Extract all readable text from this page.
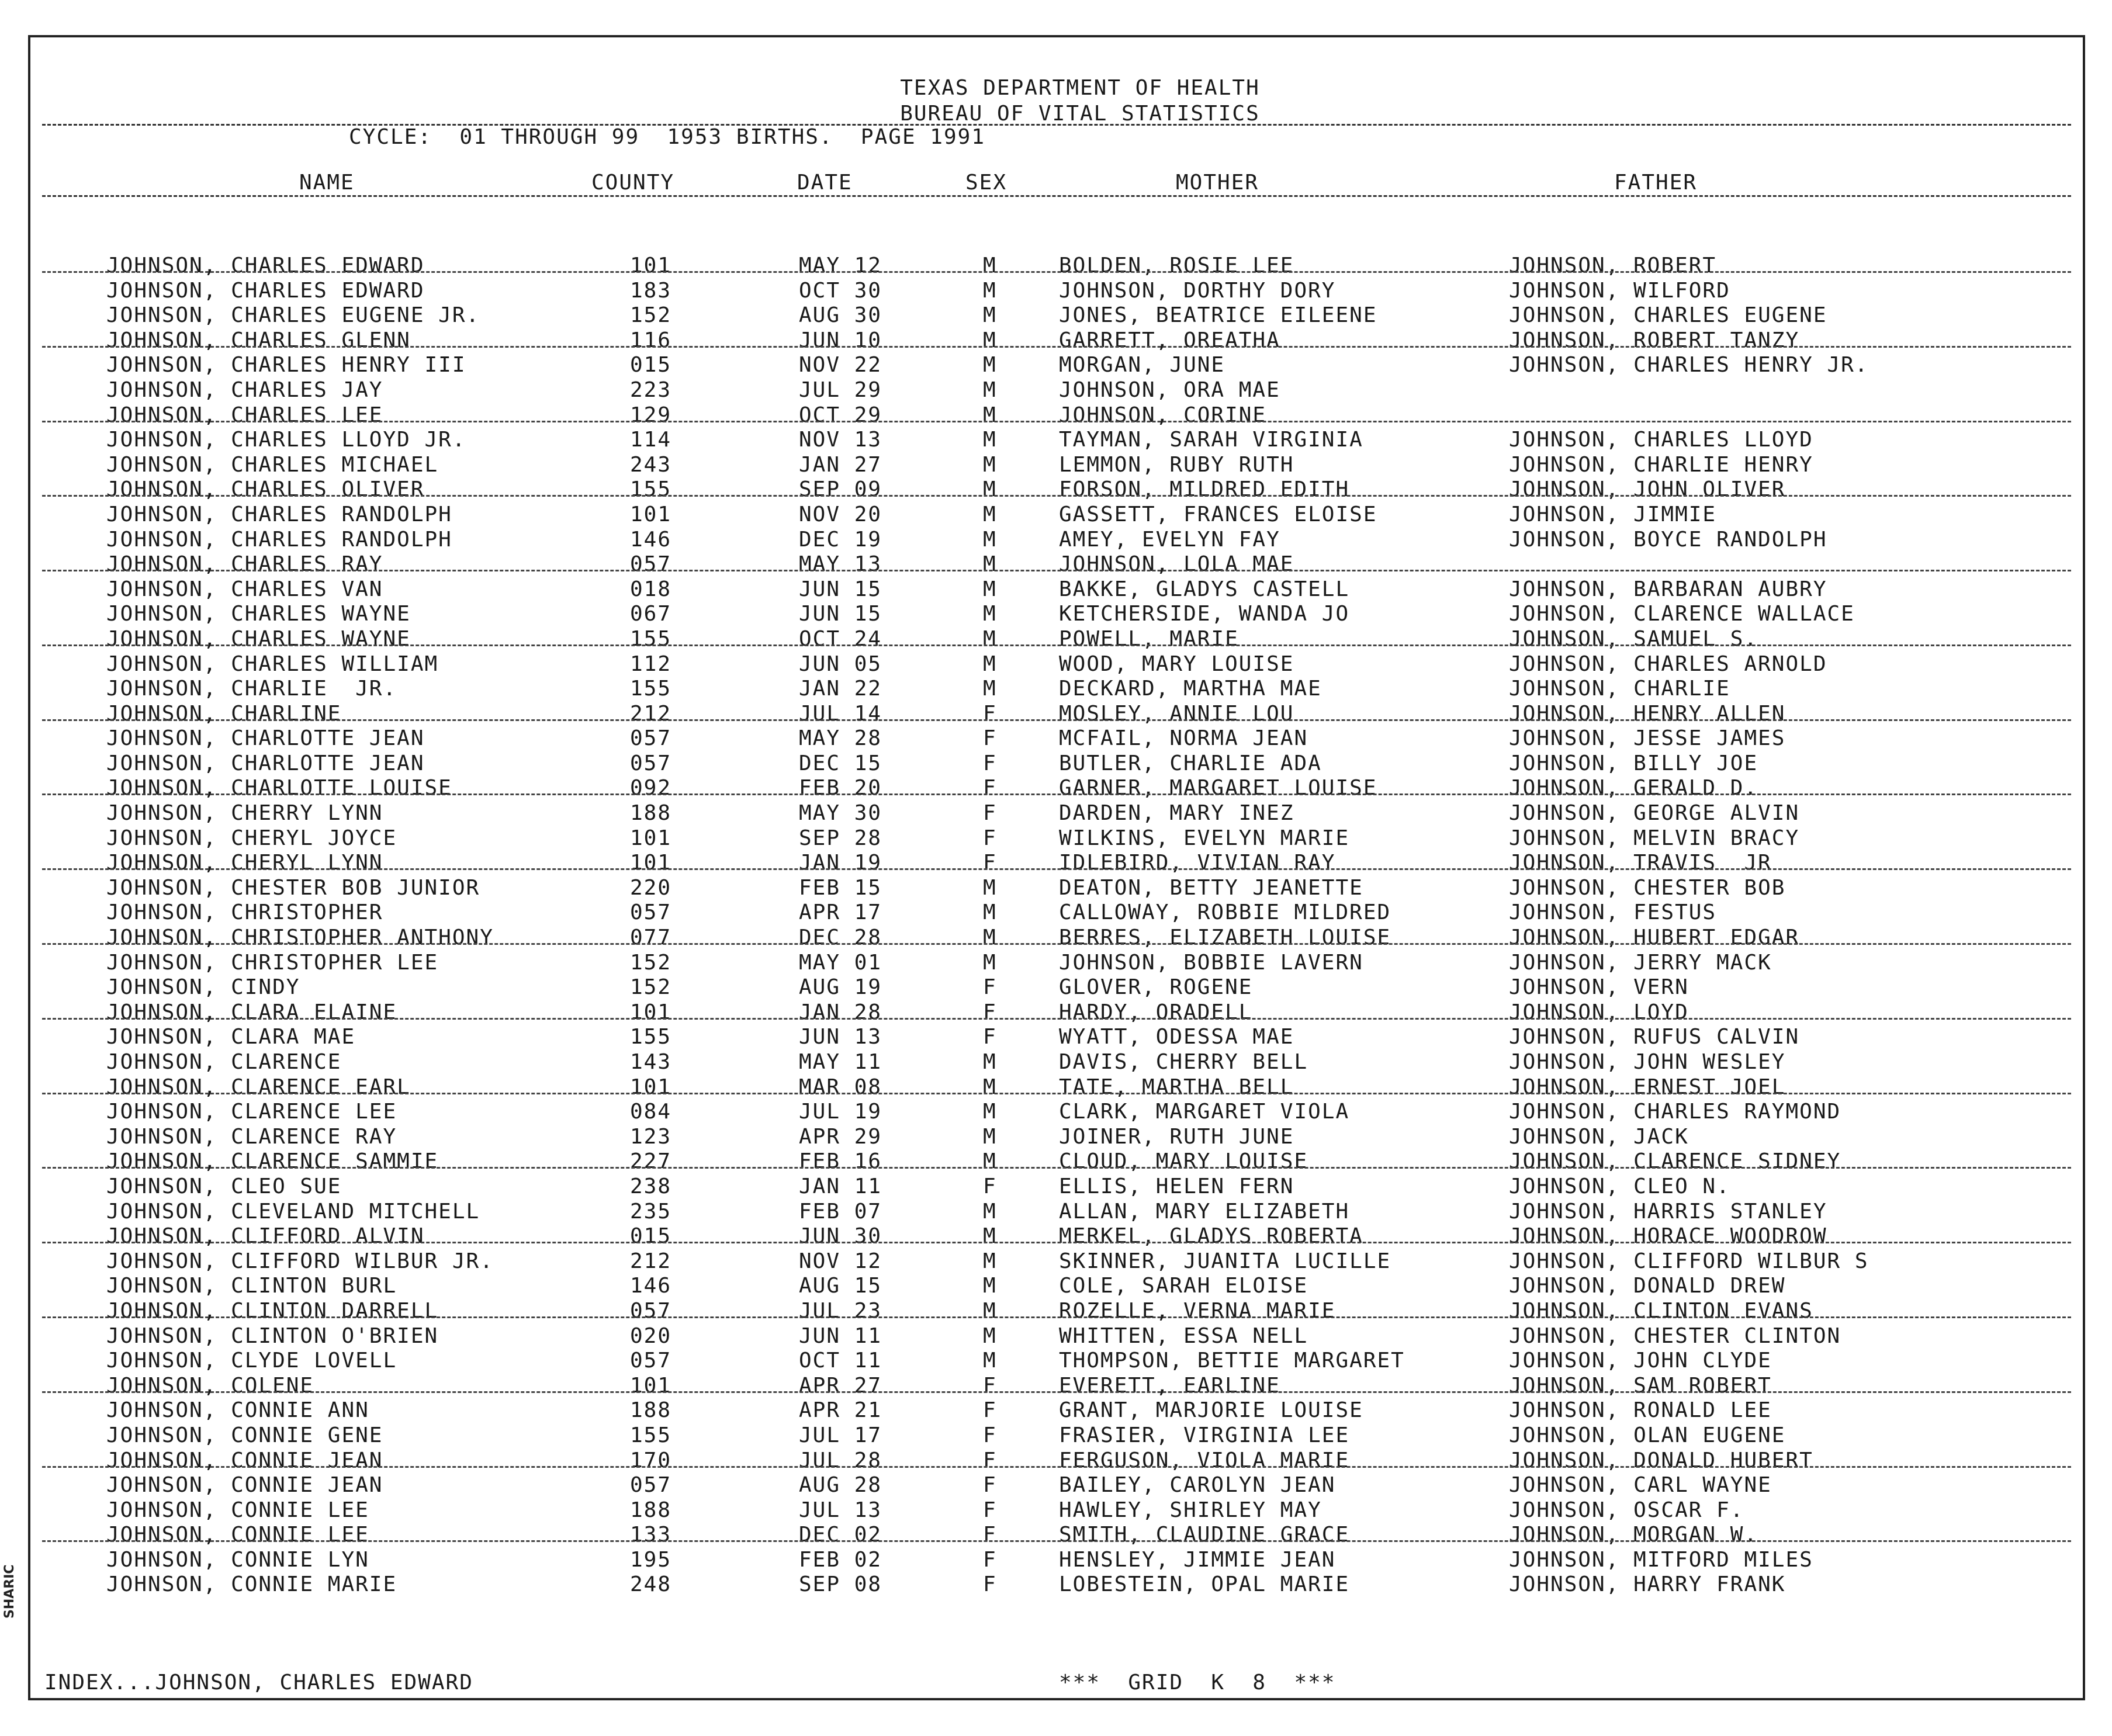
TEXAS DEPARTMENT OF HEALTH
BUREAU OF VITAL STATISTICS
CYCLE:  01 THROUGH 99  1953 BIRTHS.  PAGE 1991
NAME	COUNTY	DATE	SEX	MOTHER	FATHER
JOHNSON, CHARLES EDWARD	101	MAY 12	M	BOLDEN, ROSIE LEE	JOHNSON, ROBERT
JOHNSON, CHARLES EDWARD	183	OCT 30	M	JOHNSON, DORTHY DORY	JOHNSON, WILFORD
JOHNSON, CHARLES EUGENE JR.	152	AUG 30	M	JONES, BEATRICE EILEENE	JOHNSON, CHARLES EUGENE
JOHNSON, CHARLES GLENN	116	JUN 10	M	GARRETT, OREATHA	JOHNSON, ROBERT TANZY
JOHNSON, CHARLES HENRY III	015	NOV 22	M	MORGAN, JUNE	JOHNSON, CHARLES HENRY JR.
JOHNSON, CHARLES JAY	223	JUL 29	M	JOHNSON, ORA MAE
JOHNSON, CHARLES LEE	129	OCT 29	M	JOHNSON, CORINE
JOHNSON, CHARLES LLOYD JR.	114	NOV 13	M	TAYMAN, SARAH VIRGINIA	JOHNSON, CHARLES LLOYD
JOHNSON, CHARLES MICHAEL	243	JAN 27	M	LEMMON, RUBY RUTH	JOHNSON, CHARLIE HENRY
JOHNSON, CHARLES OLIVER	155	SEP 09	M	FORSON, MILDRED EDITH	JOHNSON, JOHN OLIVER
JOHNSON, CHARLES RANDOLPH	101	NOV 20	M	GASSETT, FRANCES ELOISE	JOHNSON, JIMMIE
JOHNSON, CHARLES RANDOLPH	146	DEC 19	M	AMEY, EVELYN FAY	JOHNSON, BOYCE RANDOLPH
JOHNSON, CHARLES RAY	057	MAY 13	M	JOHNSON, LOLA MAE
JOHNSON, CHARLES VAN	018	JUN 15	M	BAKKE, GLADYS CASTELL	JOHNSON, BARBARAN AUBRY
JOHNSON, CHARLES WAYNE	067	JUN 15	M	KETCHERSIDE, WANDA JO	JOHNSON, CLARENCE WALLACE
JOHNSON, CHARLES WAYNE	155	OCT 24	M	POWELL, MARIE	JOHNSON, SAMUEL S.
JOHNSON, CHARLES WILLIAM	112	JUN 05	M	WOOD, MARY LOUISE	JOHNSON, CHARLES ARNOLD
JOHNSON, CHARLIE  JR.	155	JAN 22	M	DECKARD, MARTHA MAE	JOHNSON, CHARLIE
JOHNSON, CHARLINE	212	JUL 14	F	MOSLEY, ANNIE LOU	JOHNSON, HENRY ALLEN
JOHNSON, CHARLOTTE JEAN	057	MAY 28	F	MCFAIL, NORMA JEAN	JOHNSON, JESSE JAMES
JOHNSON, CHARLOTTE JEAN	057	DEC 15	F	BUTLER, CHARLIE ADA	JOHNSON, BILLY JOE
JOHNSON, CHARLOTTE LOUISE	092	FEB 20	F	GARNER, MARGARET LOUISE	JOHNSON, GERALD D.
JOHNSON, CHERRY LYNN	188	MAY 30	F	DARDEN, MARY INEZ	JOHNSON, GEORGE ALVIN
JOHNSON, CHERYL JOYCE	101	SEP 28	F	WILKINS, EVELYN MARIE	JOHNSON, MELVIN BRACY
JOHNSON, CHERYL LYNN	101	JAN 19	F	IDLEBIRD, VIVIAN RAY	JOHNSON, TRAVIS  JR
JOHNSON, CHESTER BOB JUNIOR	220	FEB 15	M	DEATON, BETTY JEANETTE	JOHNSON, CHESTER BOB
JOHNSON, CHRISTOPHER	057	APR 17	M	CALLOWAY, ROBBIE MILDRED	JOHNSON, FESTUS
JOHNSON, CHRISTOPHER ANTHONY	077	DEC 28	M	BERRES, ELIZABETH LOUISE	JOHNSON, HUBERT EDGAR
JOHNSON, CHRISTOPHER LEE	152	MAY 01	M	JOHNSON, BOBBIE LAVERN	JOHNSON, JERRY MACK
JOHNSON, CINDY	152	AUG 19	F	GLOVER, ROGENE	JOHNSON, VERN
JOHNSON, CLARA ELAINE	101	JAN 28	F	HARDY, ORADELL	JOHNSON, LOYD
JOHNSON, CLARA MAE	155	JUN 13	F	WYATT, ODESSA MAE	JOHNSON, RUFUS CALVIN
JOHNSON, CLARENCE	143	MAY 11	M	DAVIS, CHERRY BELL	JOHNSON, JOHN WESLEY
JOHNSON, CLARENCE EARL	101	MAR 08	M	TATE, MARTHA BELL	JOHNSON, ERNEST JOEL
JOHNSON, CLARENCE LEE	084	JUL 19	M	CLARK, MARGARET VIOLA	JOHNSON, CHARLES RAYMOND
JOHNSON, CLARENCE RAY	123	APR 29	M	JOINER, RUTH JUNE	JOHNSON, JACK
JOHNSON, CLARENCE SAMMIE	227	FEB 16	M	CLOUD, MARY LOUISE	JOHNSON, CLARENCE SIDNEY
JOHNSON, CLEO SUE	238	JAN 11	F	ELLIS, HELEN FERN	JOHNSON, CLEO N.
JOHNSON, CLEVELAND MITCHELL	235	FEB 07	M	ALLAN, MARY ELIZABETH	JOHNSON, HARRIS STANLEY
JOHNSON, CLIFFORD ALVIN	015	JUN 30	M	MERKEL, GLADYS ROBERTA	JOHNSON, HORACE WOODROW
JOHNSON, CLIFFORD WILBUR JR.	212	NOV 12	M	SKINNER, JUANITA LUCILLE	JOHNSON, CLIFFORD WILBUR S
JOHNSON, CLINTON BURL	146	AUG 15	M	COLE, SARAH ELOISE	JOHNSON, DONALD DREW
JOHNSON, CLINTON DARRELL	057	JUL 23	M	ROZELLE, VERNA MARIE	JOHNSON, CLINTON EVANS
JOHNSON, CLINTON O'BRIEN	020	JUN 11	M	WHITTEN, ESSA NELL	JOHNSON, CHESTER CLINTON
JOHNSON, CLYDE LOVELL	057	OCT 11	M	THOMPSON, BETTIE MARGARET	JOHNSON, JOHN CLYDE
JOHNSON, COLENE	101	APR 27	F	EVERETT, EARLINE	JOHNSON, SAM ROBERT
JOHNSON, CONNIE ANN	188	APR 21	F	GRANT, MARJORIE LOUISE	JOHNSON, RONALD LEE
JOHNSON, CONNIE GENE	155	JUL 17	F	FRASIER, VIRGINIA LEE	JOHNSON, OLAN EUGENE
JOHNSON, CONNIE JEAN	170	JUL 28	F	FERGUSON, VIOLA MARIE	JOHNSON, DONALD HUBERT
JOHNSON, CONNIE JEAN	057	AUG 28	F	BAILEY, CAROLYN JEAN	JOHNSON, CARL WAYNE
JOHNSON, CONNIE LEE	188	JUL 13	F	HAWLEY, SHIRLEY MAY	JOHNSON, OSCAR F.
JOHNSON, CONNIE LEE	133	DEC 02	F	SMITH, CLAUDINE GRACE	JOHNSON, MORGAN W.
JOHNSON, CONNIE LYN	195	FEB 02	F	HENSLEY, JIMMIE JEAN	JOHNSON, MITFORD MILES
JOHNSON, CONNIE MARIE	248	SEP 08	F	LOBESTEIN, OPAL MARIE	JOHNSON, HARRY FRANK
INDEX...JOHNSON, CHARLES EDWARD	***  GRID  K  8  ***
SHARIC
